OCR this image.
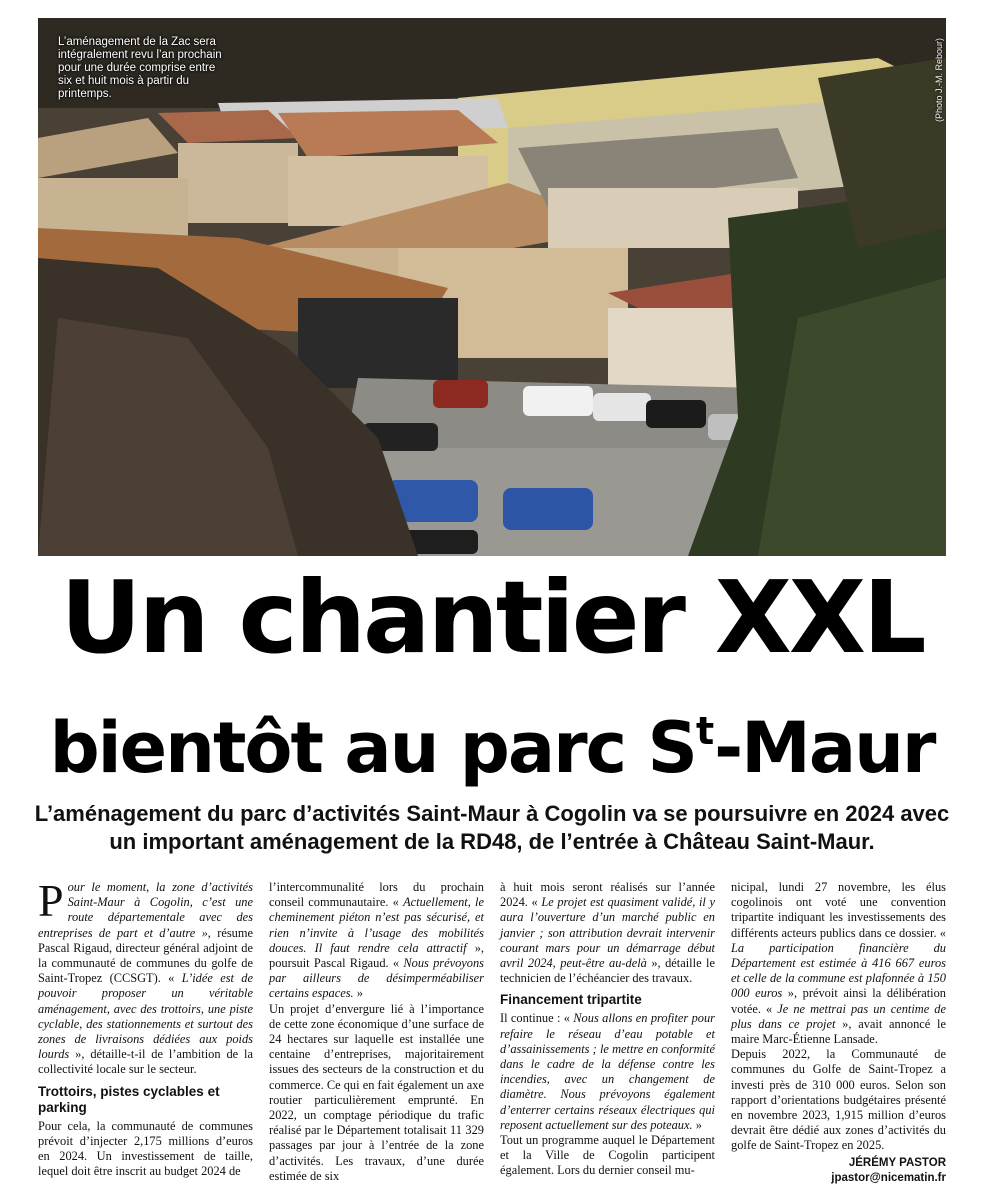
L’aménagement de la Zac sera intégralement revu l’an prochain pour une durée comprise entre six et huit mois à partir du printemps.	(Photo J.-M. Rebour)
Un chantier XXL
bientôt au parc $S^t$-Maur
L’aménagement du parc d’activités Saint-Maur à Cogolin va se poursuivre en 2024 avec un important aménagement de la RD48, de l’entrée à Château Saint-Maur.

Pour le moment, la zone d’activités Saint-Maur à Cogolin, c’est une route départementale avec des entreprises de part et d’autre », résume Pascal Rigaud, directeur général adjoint de la communauté de communes du golfe de Saint-Tropez (CCSGT). « L’idée est de pouvoir proposer un véritable aménagement, avec des trottoirs, une piste cyclable, des stationnements et surtout des zones de livraisons dédiées aux poids lourds », détaille-t-il de l’ambition de la collectivité locale sur le secteur.

Trottoirs, pistes cyclables et parking

Pour cela, la communauté de communes prévoit d’injecter 2,175 millions d’euros en 2024. Un investissement de taille, lequel doit être inscrit au budget 2024 de

l’intercommunalité lors du prochain conseil communautaire. « Actuellement, le cheminement piéton n’est pas sécurisé, et rien n’invite à l’usage des mobilités douces. Il faut rendre cela attractif », poursuit Pascal Rigaud. « Nous prévoyons par ailleurs de désimperméabiliser certains espaces. »

Un projet d’envergure lié à l’importance de cette zone économique d’une surface de 24 hectares sur laquelle est installée une centaine d’entreprises, majoritairement issues des secteurs de la construction et du commerce. Ce qui en fait également un axe routier particulièrement emprunté. En 2022, un comptage périodique du trafic réalisé par le Département totalisait 11 329 passages par jour à l’entrée de la zone d’activités. Les travaux, d’une durée estimée de six

à huit mois seront réalisés sur l’année 2024. « Le projet est quasiment validé, il y aura l’ouverture d’un marché public en janvier ; son attribution devrait intervenir courant mars pour un démarrage début avril 2024, peut-être au-delà », détaille le technicien de l’échéancier des travaux.

Financement tripartite

Il continue : « Nous allons en profiter pour refaire le réseau d’eau potable et d’assainissements ; le mettre en conformité dans le cadre de la défense contre les incendies, avec un changement de diamètre. Nous prévoyons également d’enterrer certains réseaux électriques qui reposent actuellement sur des poteaux. »

Tout un programme auquel le Département et la Ville de Cogolin participent également. Lors du dernier conseil mu-

nicipal, lundi 27 novembre, les élus cogolinois ont voté une convention tripartite indiquant les investissements des différents acteurs publics dans ce dossier. « La participation financière du Département est estimée à 416 667 euros et celle de la commune est plafonnée à 150 000 euros », prévoit ainsi la délibération votée. « Je ne mettrai pas un centime de plus dans ce projet », avait annoncé le maire Marc-Étienne Lansade.

Depuis 2022, la Communauté de communes du Golfe de Saint-Tropez a investi près de 310 000 euros. Selon son rapport d’orientations budgétaires présenté en novembre 2023, 1,915 million d’euros devrait être dédié aux zones d’activités du golfe de Saint-Tropez en 2025.

JÉRÉMY PASTOR
jpastor@nicematin.fr
